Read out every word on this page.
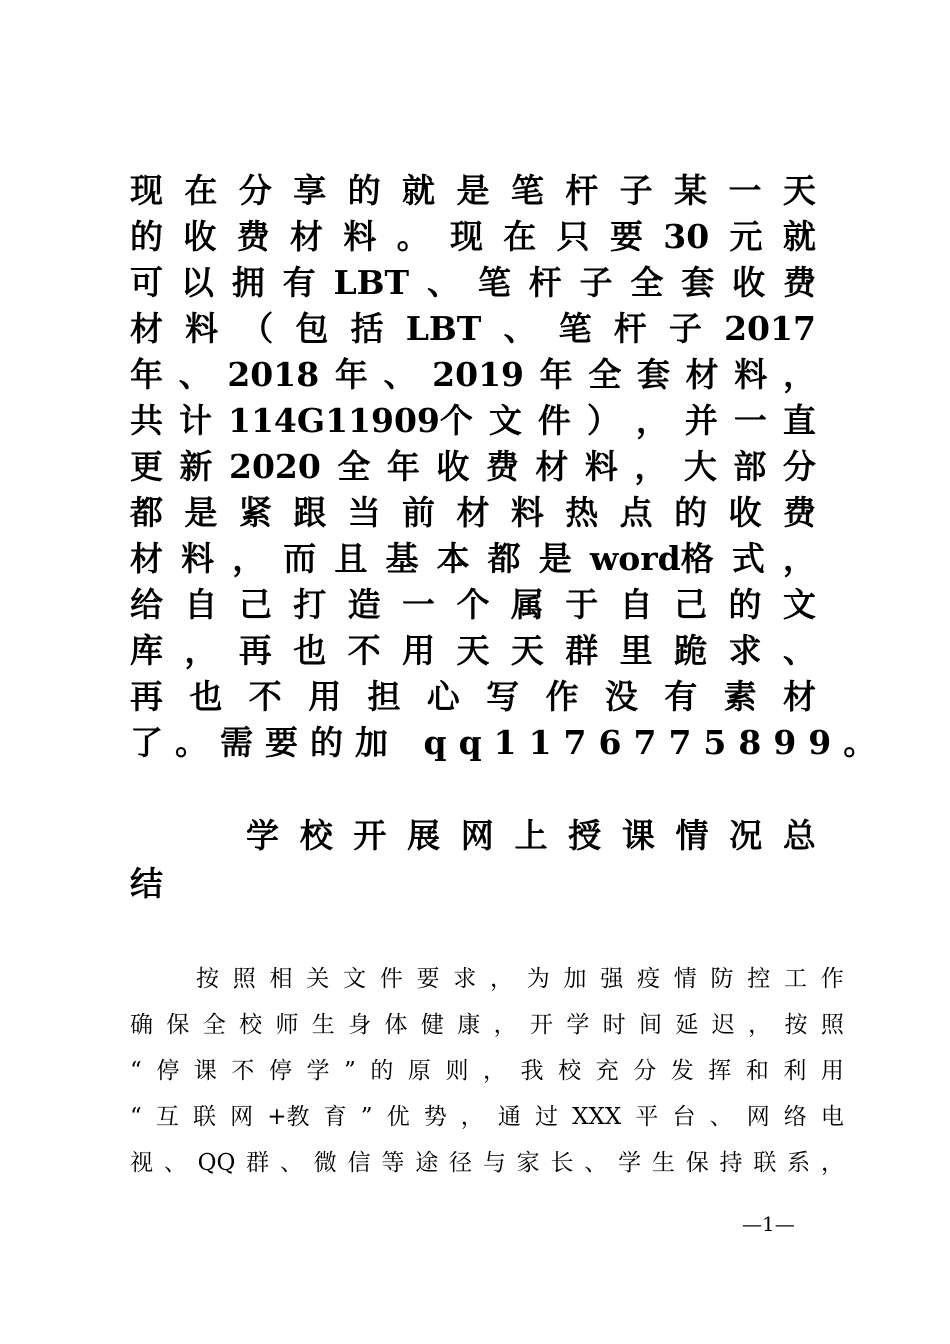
现 在 分 享 的 就 是 笔 杆 子 某 一 天
的 收 费 材 料 。 现 在 只 要 30 元 就
可 以 拥 有 LBT 、 笔 杆 子 全 套 收 费
材 料 （ 包 括 LBT 、 笔 杆 子 2017
年 、 2018 年 、 2019 年 全 套 材 料 ，
共 计 114G11909个 文 件 ） ， 并 一 直
更 新 2020 全 年 收 费 材 料 ， 大 部 分
都 是 紧 跟 当 前 材 料 热 点 的 收 费
材 料 ， 而 且 基 本 都 是 word格 式 ，
给 自 己 打 造 一 个 属 于 自 己 的 文
库 ， 再 也 不 用 天 天 群 里 跪 求 、
再 也 不 用 担 心 写 作 没 有 素 材
了。需要的加 qq1176775899。
学 校 开 展 网 上 授 课 情 况 总
结
按 照 相 关 文 件 要 求 ， 为 加 强 疫 情 防 控 工 作
确 保 全 校 师 生 身 体 健 康 ， 开 学 时 间 延 迟 ， 按 照
“ 停 课 不 停 学 ” 的 原 则 ， 我 校 充 分 发 挥 和 利 用
“ 互 联 网 +教 育 ” 优 势 ， 通 过 XXX 平 台 、 网 络 电
视 、 QQ 群 、 微 信 等 途 径 与 家 长 、 学 生 保 持 联 系 ，
—1—
